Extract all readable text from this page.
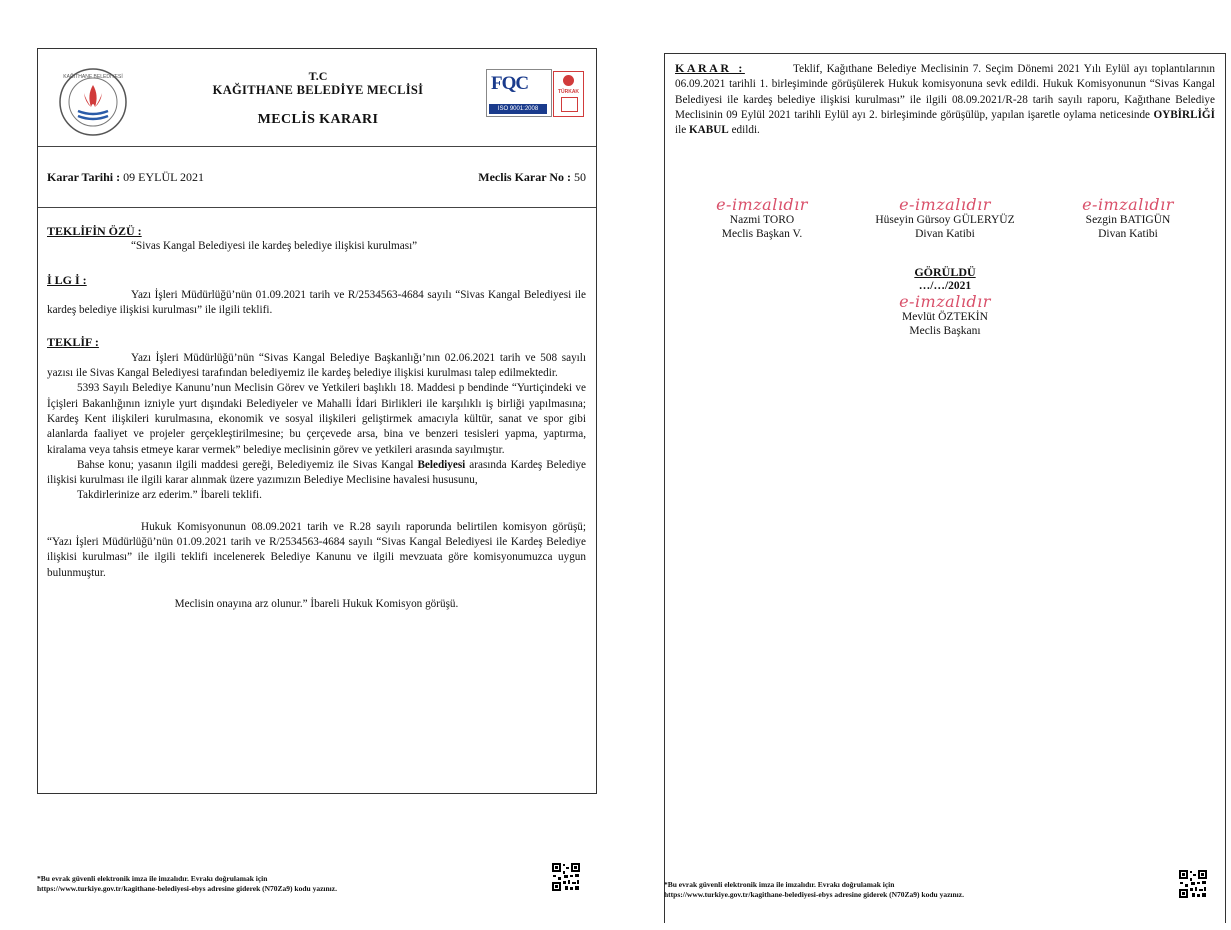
KAĞITHANE BELEDİYESİ	T.C
KAĞITHANE BELEDİYE MECLİSİ
MECLİS KARARI
FQC
ISO 9001:2008
TÜRKAK
Karar Tarihi : 09 EYLÜL 2021	Meclis Karar No : 50
TEKLİFİN ÖZÜ :

“Sivas Kangal Belediyesi ile kardeş belediye ilişkisi kurulması”

İ LG İ :

Yazı İşleri Müdürlüğü’nün 01.09.2021 tarih ve R/2534563-4684 sayılı “Sivas Kangal Belediyesi ile kardeş belediye ilişkisi kurulması” ile ilgili teklifi.

TEKLİF :

Yazı İşleri Müdürlüğü’nün “Sivas Kangal Belediye Başkanlığı’nın 02.06.2021 tarih ve 508 sayılı yazısı ile Sivas Kangal Belediyesi tarafından belediyemiz ile kardeş belediye ilişkisi kurulması talep edilmektedir.

5393 Sayılı Belediye Kanunu’nun Meclisin Görev ve Yetkileri başlıklı 18. Maddesi p bendinde “Yurtiçindeki ve İçişleri Bakanlığının izniyle yurt dışındaki Belediyeler ve Mahalli İdari Birlikleri ile karşılıklı iş birliği yapılmasına; Kardeş Kent ilişkileri kurulmasına, ekonomik ve sosyal ilişkileri geliştirmek amacıyla kültür, sanat ve spor gibi alanlarda faaliyet ve projeler gerçekleştirilmesine; bu çerçevede arsa, bina ve benzeri tesisleri yapma, yaptırma, kiralama veya tahsis etmeye karar vermek” belediye meclisinin görev ve yetkileri arasında sayılmıştır.

Bahse konu; yasanın ilgili maddesi gereği, Belediyemiz ile Sivas Kangal Belediyesi arasında Kardeş Belediye ilişkisi kurulması ile ilgili karar alınmak üzere yazımızın Belediye Meclisine havalesi hususunu,

Takdirlerinize arz ederim.” İbareli teklifi.

Hukuk Komisyonunun 08.09.2021 tarih ve R.28 sayılı raporunda belirtilen komisyon görüşü; “Yazı İşleri Müdürlüğü’nün 01.09.2021 tarih ve R/2534563-4684 sayılı “Sivas Kangal Belediyesi ile Kardeş Belediye ilişkisi kurulması” ile ilgili teklifi incelenerek Belediye Kanunu ve ilgili mevzuata göre komisyonumuzca uygun bulunmuştur.

Meclisin onayına arz olunur.” İbareli Hukuk Komisyon görüşü.

*Bu evrak güvenli elektronik imza ile imzalıdır. Evrakı doğrulamak için
https://www.turkiye.gov.tr/kagithane-belediyesi-ebys adresine giderek (N70Za9) kodu yazınız.
KARAR :	Teklif, Kağıthane Belediye Meclisinin 7. Seçim Dönemi 2021 Yılı Eylül ayı toplantılarının 06.09.2021 tarihli 1. birleşiminde görüşülerek Hukuk komisyonuna sevk edildi. Hukuk Komisyonunun “Sivas Kangal Belediyesi ile kardeş belediye ilişkisi kurulması” ile ilgili 08.09.2021/R-28 tarih sayılı raporu, Kağıthane Belediye Meclisinin 09 Eylül 2021 tarihli Eylül ayı 2. birleşiminde görüşülüp, yapılan işaretle oylama neticesinde OYBİRLİĞİ ile KABUL edildi.
e-imzalıdır
Nazmi TORO
Meclis Başkan V.
e-imzalıdır
Hüseyin Gürsoy GÜLERYÜZ
Divan Katibi
e-imzalıdır
Sezgin BATIGÜN
Divan Katibi
GÖRÜLDÜ
…/…/2021
e-imzalıdır
Mevlüt ÖZTEKİN
Meclis Başkanı
*Bu evrak güvenli elektronik imza ile imzalıdır. Evrakı doğrulamak için
https://www.turkiye.gov.tr/kagithane-belediyesi-ebys adresine giderek (N70Za9) kodu yazınız.
